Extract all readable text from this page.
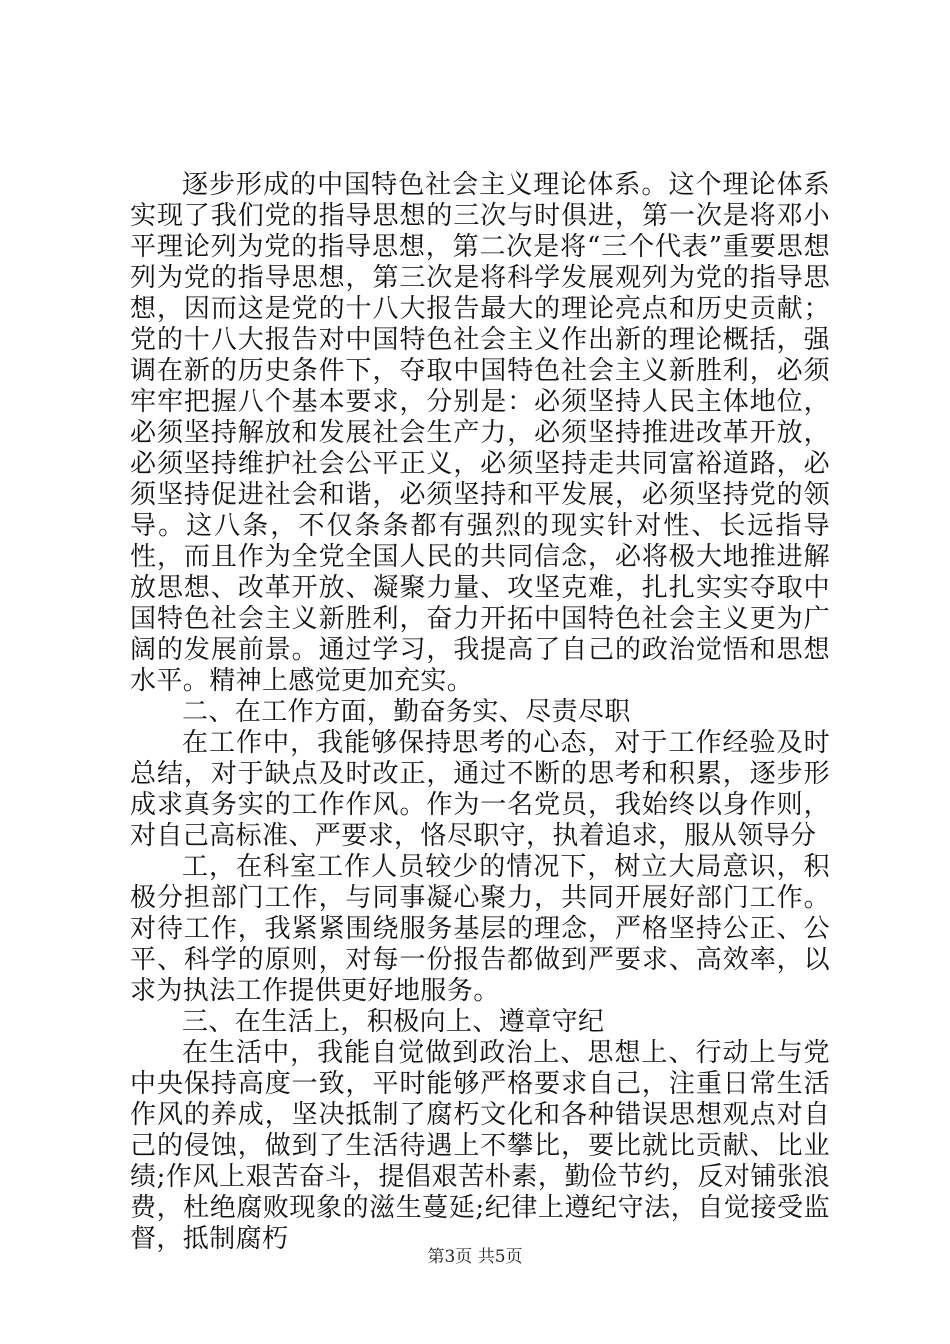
逐步形成的中国特色社会主义理论体系。这个理论体系实现了我们党的指导思想的三次与时俱进，第一次是将邓小平理论列为党的指导思想，第二次是将“三个代表”重要思想列为党的指导思想，第三次是将科学发展观列为党的指导思想，因而这是党的十八大报告最大的理论亮点和历史贡献；党的十八大报告对中国特色社会主义作出新的理论概括，强调在新的历史条件下，夺取中国特色社会主义新胜利，必须牢牢把握八个基本要求，分别是：必须坚持人民主体地位，必须坚持解放和发展社会生产力，必须坚持推进改革开放，必须坚持维护社会公平正义，必须坚持走共同富裕道路，必须坚持促进社会和谐，必须坚持和平发展，必须坚持党的领导。这八条，不仅条条都有强烈的现实针对性、长远指导性，而且作为全党全国人民的共同信念，必将极大地推进解放思想、改革开放、凝聚力量、攻坚克难，扎扎实实夺取中国特色社会主义新胜利，奋力开拓中国特色社会主义更为广阔的发展前景。通过学习，我提高了自己的政治觉悟和思想水平。精神上感觉更加充实。

二、在工作方面，勤奋务实、尽责尽职

在工作中，我能够保持思考的心态，对于工作经验及时总结，对于缺点及时改正，通过不断的思考和积累，逐步形成求真务实的工作作风。作为一名党员，我始终以身作则，对自己高标准、严要求，恪尽职守，执着追求，服从领导分

工，在科室工作人员较少的情况下，树立大局意识，积极分担部门工作，与同事凝心聚力，共同开展好部门工作。对待工作，我紧紧围绕服务基层的理念，严格坚持公正、公平、科学的原则，对每一份报告都做到严要求、高效率，以求为执法工作提供更好地服务。

三、在生活上，积极向上、遵章守纪

在生活中，我能自觉做到政治上、思想上、行动上与党中央保持高度一致，平时能够严格要求自己，注重日常生活作风的养成，坚决抵制了腐朽文化和各种错误思想观点对自己的侵蚀，做到了生活待遇上不攀比，要比就比贡献、比业绩;作风上艰苦奋斗，提倡艰苦朴素，勤俭节约，反对铺张浪费，杜绝腐败现象的滋生蔓延;纪律上遵纪守法，自觉接受监督，抵制腐朽

第3页 共5页
